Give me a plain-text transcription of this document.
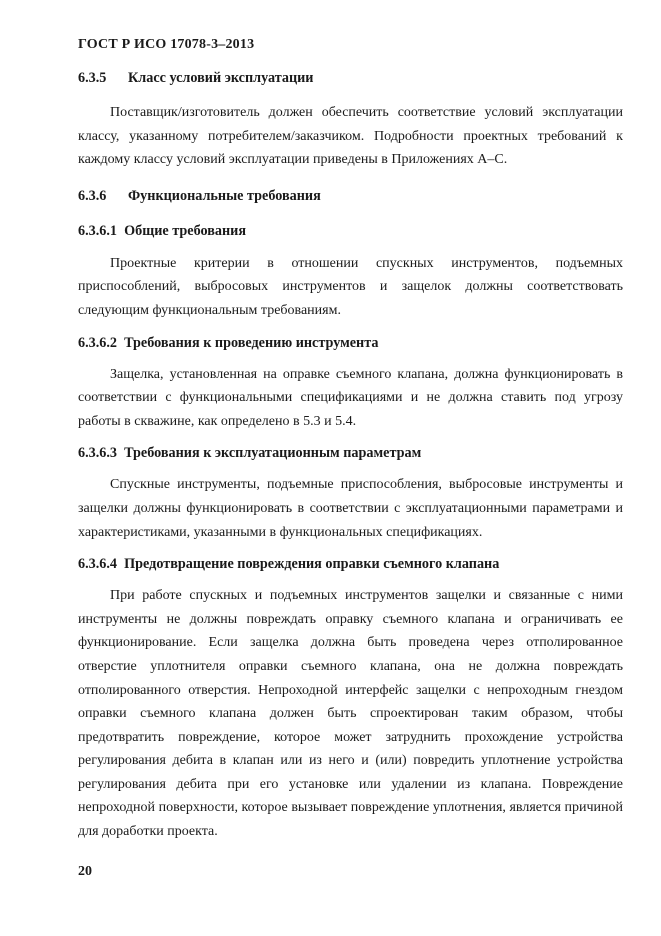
ГОСТ Р ИСО 17078-3–2013
6.3.5 Класс условий эксплуатации

Поставщик/изготовитель должен обеспечить соответствие условий эксплуатации классу, указанному потребителем/заказчиком. Подробности проектных требований к каждому классу условий эксплуатации приведены в Приложениях А–С.

6.3.6 Функциональные требования
6.3.6.1 Общие требования

Проектные критерии в отношении спускных инструментов, подъемных приспособлений, выбросовых инструментов и защелок должны соответствовать следующим функциональным требованиям.

6.3.6.2 Требования к проведению инструмента

Защелка, установленная на оправке съемного клапана, должна функционировать в соответствии с функциональными спецификациями и не должна ставить под угрозу работы в скважине, как определено в 5.3 и 5.4.

6.3.6.3 Требования к эксплуатационным параметрам

Спускные инструменты, подъемные приспособления, выбросовые инструменты и защелки должны функционировать в соответствии с эксплуатационными параметрами и характеристиками, указанными в функциональных спецификациях.

6.3.6.4 Предотвращение повреждения оправки съемного клапана

При работе спускных и подъемных инструментов защелки и связанные с ними инструменты не должны повреждать оправку съемного клапана и ограничивать ее функционирование. Если защелка должна быть проведена через отполированное отверстие уплотнителя оправки съемного клапана, она не должна повреждать отполированного отверстия. Непроходной интерфейс защелки с непроходным гнездом оправки съемного клапана должен быть спроектирован таким образом, чтобы предотвратить повреждение, которое может затруднить прохождение устройства регулирования дебита в клапан или из него и (или) повредить уплотнение устройства регулирования дебита при его установке или удалении из клапана. Повреждение непроходной поверхности, которое вызывает повреждение уплотнения, является причиной для доработки проекта.

20
